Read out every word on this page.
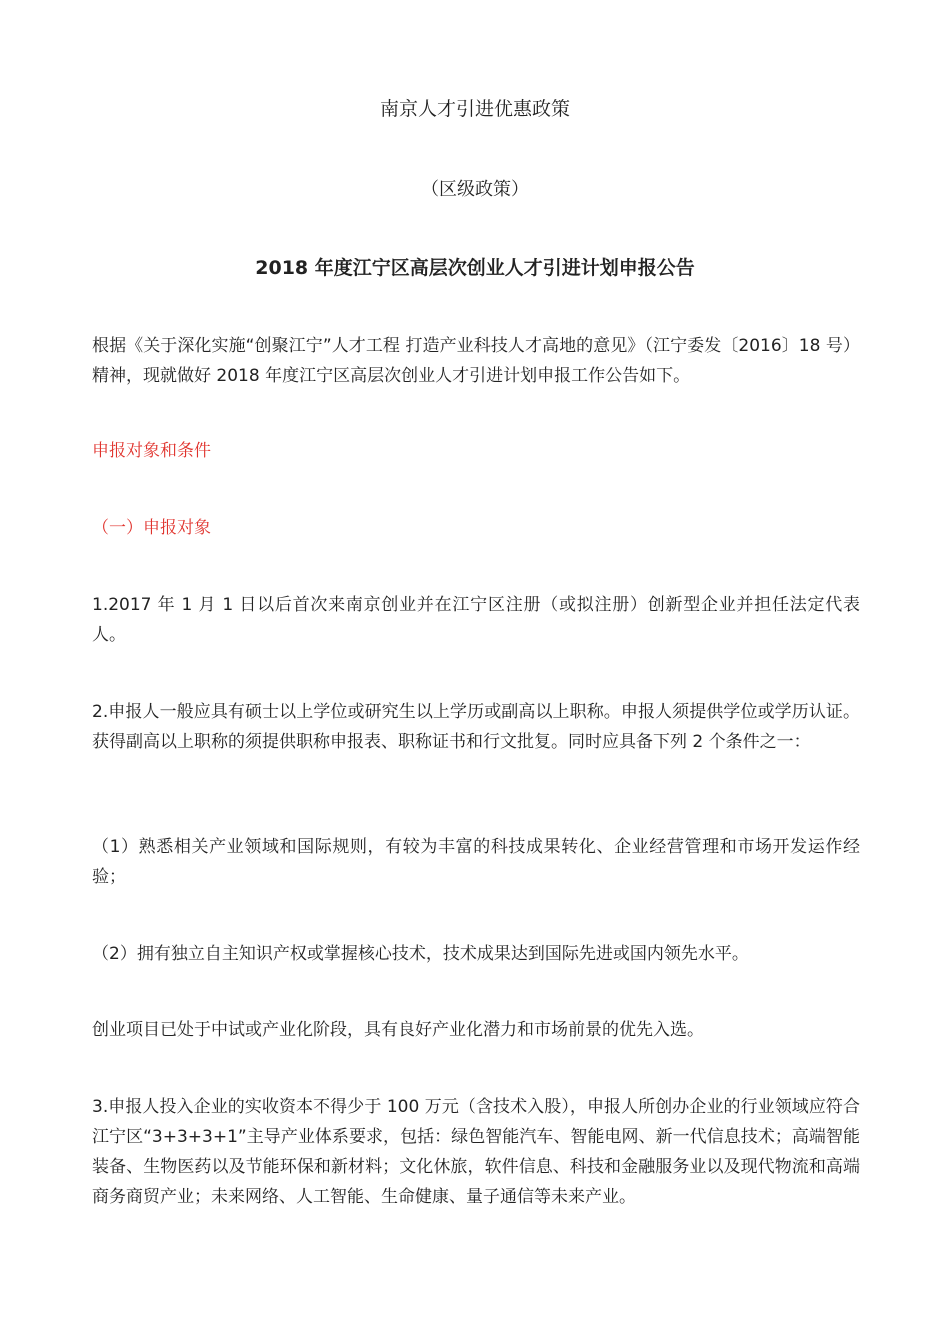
南京人才引进优惠政策
（区级政策）
2018 年度江宁区高层次创业人才引进计划申报公告
根据《关于深化实施“创聚江宁”人才工程 打造产业科技人才高地的意见》（江宁委发〔2016〕18 号）精神，现就做好 2018 年度江宁区高层次创业人才引进计划申报工作公告如下。
申报对象和条件
（一）申报对象
1.2017 年 1 月 1 日以后首次来南京创业并在江宁区注册（或拟注册）创新型企业并担任法定代表人。
2.申报人一般应具有硕士以上学位或研究生以上学历或副高以上职称。申报人须提供学位或学历认证。获得副高以上职称的须提供职称申报表、职称证书和行文批复。同时应具备下列 2 个条件之一：
（1）熟悉相关产业领域和国际规则，有较为丰富的科技成果转化、企业经营管理和市场开发运作经验；
（2）拥有独立自主知识产权或掌握核心技术，技术成果达到国际先进或国内领先水平。
创业项目已处于中试或产业化阶段，具有良好产业化潜力和市场前景的优先入选。
3.申报人投入企业的实收资本不得少于 100 万元（含技术入股），申报人所创办企业的行业领域应符合江宁区“3+3+3+1”主导产业体系要求，包括：绿色智能汽车、智能电网、新一代信息技术；高端智能装备、生物医药以及节能环保和新材料；文化休旅，软件信息、科技和金融服务业以及现代物流和高端商务商贸产业；未来网络、人工智能、生命健康、量子通信等未来产业。
